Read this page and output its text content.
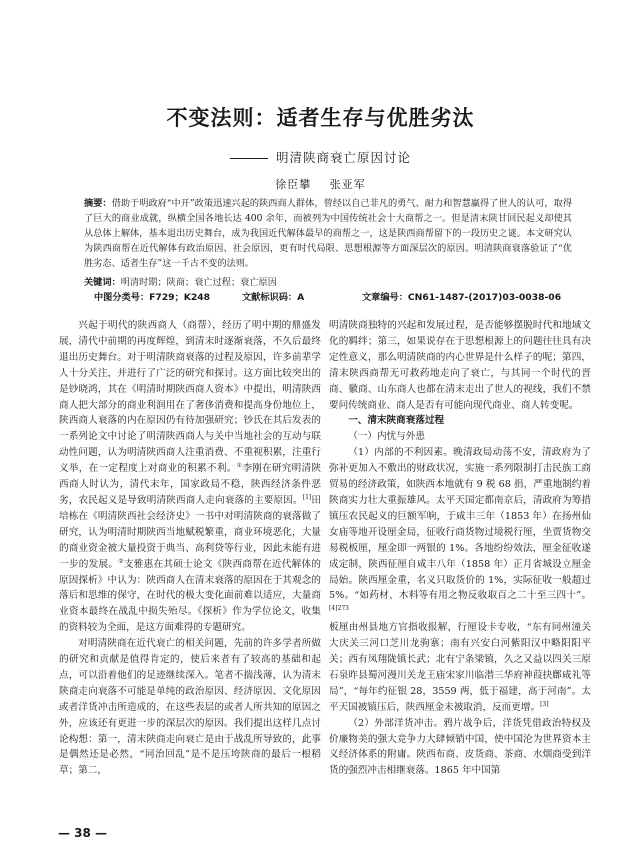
不变法则：适者生存与优胜劣汰
明清陕商衰亡原因讨论
徐臣攀 张亚军
摘要：借助于明政府“中开”政策迅速兴起的陕西商人群体，曾经以自己非凡的勇气、耐力和智慧赢得了世人的认可，取得了巨大的商业成就，纵横全国各地长达 400 余年，而被列为中国传统社会十大商帮之一。但是清末陕甘回民起义却使其从总体上解体，基本退出历史舞台，成为我国近代解体最早的商帮之一，这是陕西商帮留下的一段历史之谜。本文研究认为陕西商帮在近代解体有政治原因、社会原因，更有时代局限、思想根源等方面深层次的原因。明清陕商衰落验证了“优胜劣态、适者生存”这一千古不变的法则。
关键词：明清时期；陕商；衰亡过程；衰亡原因
中图分类号：F729；K248	文献标识码：A	文章编号：CN61-1487-(2017)03-0038-06

兴起于明代的陕西商人（商帮），经历了明中期的鼎盛发展，清代中前期的再度辉煌，到清末时逐渐衰落，不久后最终退出历史舞台。对于明清陕商衰落的过程及原因，许多前辈学人十分关注，并进行了广泛的研究和探讨。这方面比较突出的是钞晓鸿，其在《明清时期陕西商人资本》中提出，明清陕西商人把大部分的商业利润用在了奢侈消费和提高身份地位上，陕西商人衰落的内在原因仍有待加强研究；钞氏在其后发表的一系列论文中讨论了明清陕西商人与关中当地社会的互动与联动性问题，认为明清陕西商人注重消费、不重视积累，注重行义举，在一定程度上对商业的积累不利。①李刚在研究明清陕西商人时认为，清代末年，国家政局不稳，陕西经济条件恶劣，农民起义是导致明清陕西商人走向衰落的主要原因。[1]田培栋在《明清陕西社会经济史》一书中对明清陕商的衰落做了研究，认为明清时期陕西当地赋税繁重，商业环境恶化，大量的商业资金被大量投资于典当、高利贷等行业，因此未能有进一步的发展。②支雅惠在其硕士论文《陕西商帮在近代解体的原因探析》中认为：陕西商人在清末衰落的原因在于其观念的落后和思维的保守，在时代的极大变化面前难以适应，大量商业资本最终在战乱中损失殆尽。《探析》作为学位论文，收集的资料较为全面，是这方面难得的专题研究。

对明清陕商在近代衰亡的相关问题，先前的许多学者所做的研究和贡献是值得肯定的，使后来者有了较高的基础和起点，可以沿着他们的足迹继续深入。笔者不揣浅薄，认为清末陕商走向衰落不可能是单纯的政治原因、经济原因、文化原因或者洋货冲击所造成的，在这些表层的或者人所共知的原因之外，应该还有更进一步的深层次的原因。我们提出这样几点讨论构想：第一，清末陕商走向衰亡是由于战乱所导致的，此事是偶然还是必然，“同治回乱”是不是压垮陕商的最后一根稻草；第二，

明清陕商独特的兴起和发展过程，是否能够摆脱时代和地域文化的羁绊；第三，如果说存在于思想根源上的问题往往具有决定性意义，那么明清陕商的内心世界是什么样子的呢；第四，清末陕西商帮无可救药地走向了衰亡，与其同一个时代的晋商、徽商、山东商人也都在清末走出了世人的视线，我们不禁要问传统商业、商人是否有可能向现代商业、商人转变呢。

一、清末陕商衰落过程

（一）内忧与外患

（1）内部的不利因素。晚清政局动荡不安，清政府为了弥补更加入不敷出的财政状况，实施一系列限制打击民族工商贸易的经济政策，如陕西本地就有 9 税 68 捐，严重地制约着陕商实力壮大重振雄风。太平天国定都南京后，清政府为筹措镇压农民起义的巨额军响，于咸丰三年（1853 年）在扬州仙女庙等地开设厘金局，征收行商货物过境税行厘，坐贾货物交易税板厘，厘金即一两银的 1%。各地纷纷效法，厘金征收遂成定制，陕西征厘自咸丰八年（1858 年）正月省城设立厘金局始。陕西厘金重，名义只取货价的 1%，实际征收一般超过 5%。“如药材、木料等有用之物反收取百之二十至三四十”。$^{[4]273}$

板厘由州县地方官指收报解，行厘设卡专收，“东有同州潼关大庆关三河口芝川龙驹寨；南有兴安白河紫阳汉中略阳阳平关；西有凤翔陇镇长武；北有宁条梁镇，久之又益以四关三原石泉昨县蜀河漫川关龙王庙宋家川临潜三华府神葭抉鄜咸礼等局”，“每年约征银 28，3559 两，低于福建，高于河南”。太平天国被镇压后，陕西厘金未被取消，反而更增。[3]

（2）外部洋货冲击。鸦片战争后，洋货凭借政治特权及价廉物美的强大竞争力大肆倾销中国，使中国沦为世界资本主义经济体系的附庸。陕西布商、皮货商、茶商、水烟商受到洋货的强烈冲击相继衰落。1865 年中国第

— 38 —
